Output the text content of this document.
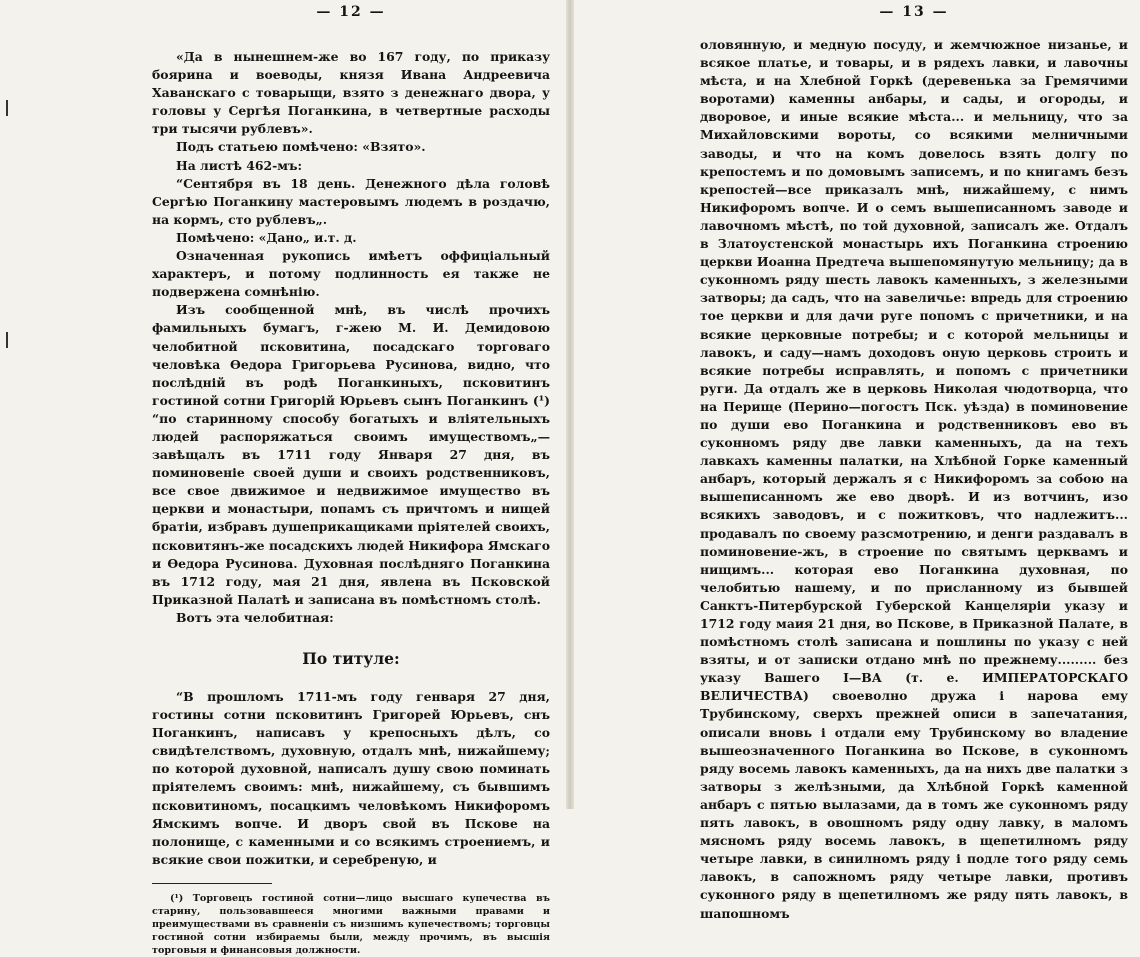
— 12 —

«Да в нынешнем-же во 167 году, по приказу боярина и воеводы, князя Ивана Андреевича Хаванскаго с товарыщи, взято з денежнаго двора, у головы у Сергѣя Поганкина, в четвертные расходы три тысячи рублевъ».

Подъ статьею помѣчено: «Взято».

На листѣ 462-мъ:

“Сентября въ 18 день. Денежного дѣла головѣ Сергѣю Поганкину мастеровымъ людемъ в роздачю, на кормъ, сто рублевъ„.

Помѣчено: «Дано„ и.т. д.

Означенная рукопись имѣетъ оффиціальный характеръ, и потому подлинность ея также не подвержена сомнѣнію.

Изъ сообщенной мнѣ, въ числѣ прочихъ фамильныхъ бумагъ, г-жею М. И. Демидовою челобитной псковитина, посадскаго торговаго человѣка Ѳедора Григорьева Русинова, видно, что послѣдній въ родѣ Поганкиныхъ, псковитинъ гостиной сотни Григорій Юрьевъ сынъ Поганкинъ (¹) “по старинному способу богатыхъ и вліятельныхъ людей распоряжаться своимъ имуществомъ„—завѣщалъ въ 1711 году Января 27 дня, въ поминовеніе своей души и своихъ родственниковъ, все свое движимое и недвижимое имущество въ церкви и монастыри, попамъ съ причтомъ и нищей братіи, избравъ душеприкащиками пріятелей своихъ, псковитянъ-же посадскихъ людей Никифора Ямскаго и Ѳедора Русинова. Духовная послѣдняго Поганкина въ 1712 году, мая 21 дня, явлена въ Псковской Приказной Палатѣ и записана въ помѣстномъ столѣ.

Вотъ эта челобитная:

По титуле:

“В прошломъ 1711-мъ году генваря 27 дня, гостины сотни псковитинъ Григорей Юрьевъ, снъ Поганкинъ, написавъ у крепосныхъ дѣлъ, со свидѣтелствомъ, духовную, отдалъ мнѣ, нижайшему; по которой духовной, написалъ душу свою поминать пріятелемъ своимъ: мнѣ, нижайшему, съ бывшимъ псковитиномъ, посацкимъ человѣкомъ Никифоромъ Ямскимъ вопче. И дворъ свой въ Пскове на полонище, с каменными и со всякимъ строениемъ, и всякие свои пожитки, и серебреную, и

(¹) Торговецъ гостиной сотни—лицо высшаго купечества въ старину, пользовавшееся многими важными правами и преимуществами въ сравненіи съ низшимъ купечествомъ; торговцы гостиной сотни избираемы были, между прочимъ, въ высшія торговыя и финансовыя должности.

— 13 —

оловянную, и медную посуду, и жемчюжное низанье, и всякое платье, и товары, и в рядехъ лавки, и лавочны мѣста, и на Хлебной Горкѣ (деревенька за Гремячими воротами) каменны анбары, и сады, и огороды, и дворовое, и иные всякие мѣста... и мельницу, что за Михайловскими вороты, со всякими мелничными заводы, и что на комъ довелось взять долгу по крепостемъ и по домовымъ записемъ, и по книгамъ безъ крепостей—все приказалъ мнѣ, нижайшему, с нимъ Никифоромъ вопче. И о семъ вышеписанномъ заводе и лавочномъ мѣстѣ, по той духовной, записалъ же. Отдалъ в Златоустенской монастырь ихъ Поганкина строению церкви Иоанна Предтеча вышепомянутую мельницу; да в суконномъ ряду шесть лавокъ каменныхъ, з железными затворы; да садъ, что на завеличье: впредь для строению тое церкви и для дачи руге попомъ с причетники, и на всякие церковные потребы; и с которой мельницы и лавокъ, и саду—намъ доходовъ оную церковь строить и всякие потребы исправлять, и попомъ с причетники руги. Да отдалъ же в церковь Николая чюдотворца, что на Перище (Перино—погостъ Пск. уѣзда) в поминовение по души ево Поганкина и родственниковъ ево въ суконномъ ряду две лавки каменныхъ, да на техъ лавкахъ каменны палатки, на Хлѣбной Горке каменный анбаръ, который держалъ я с Никифоромъ за собою на вышеписанномъ же ево дворѣ. И из вотчинъ, изо всякихъ заводовъ, и с пожитковъ, что надлежитъ... продавалъ по своему разсмотрению, и денги раздавалъ в поминовение-жъ, в строение по святымъ церквамъ и нищимъ... которая ево Поганкина духовная, по челобитью нашему, и по присланному из бывшей Санктъ-Питербурской Губерской Канцеляріи указу и 1712 году маия 21 дня, во Пскове, в Приказной Палате, в помѣстномъ столѣ записана и пошлины по указу с ней взяты, и от записки отдано мнѣ по прежнему......... без указу Вашего I—ВА (т. е. ИМПЕРАТОРСКАГО ВЕЛИЧЕСТВА) своеволно дружа і нарова ему Трубинскому, сверхъ прежней описи в запечатания, описали вновь і отдали ему Трубинскому во владение вышеозначенного Поганкина во Пскове, в суконномъ ряду восемь лавокъ каменныхъ, да на нихъ две палатки з затворы з желѣзными, да Хлѣбной Горкѣ каменной анбаръ с пятью вылазами, да в томъ же суконномъ ряду пять лавокъ, в овошномъ ряду одну лавку, в маломъ мясномъ ряду восемь лавокъ, в щепетилномъ ряду четыре лавки, в синилномъ ряду і подле того ряду семь лавокъ, в сапожномъ ряду четыре лавки, противъ суконного ряду в щепетилномъ же ряду пять лавокъ, в шапошномъ
